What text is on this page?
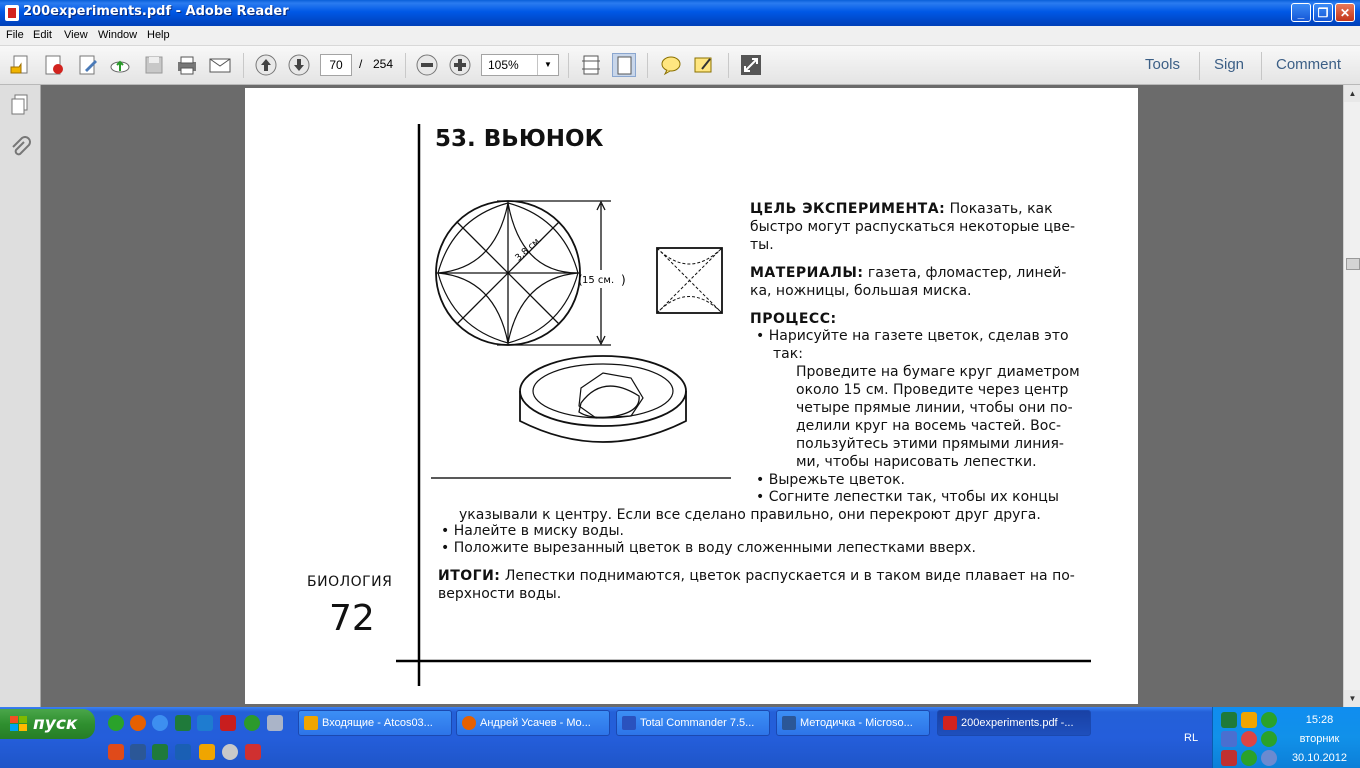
200experiments.pdf - Adobe Reader	_	❐ ✕
File Edit View Window Help
70	/ 254	105%	▼	Tools Sign Comment
▲
▼
53. ВЬЮНОК
3,8 см.
15 см.
(	)
ЦЕЛЬ ЭКСПЕРИМЕНТА: Показать, как
быстро могут распускаться некоторые цве-
ты.
МАТЕРИАЛЫ: газета, фломастер, линей-
ка, ножницы, большая миска.
ПРОЦЕСС:
• Нарисуйте на газете цветок, сделав это
так:
Проведите на бумаге круг диаметром
около 15 см. Проведите через центр
четыре прямые линии, чтобы они по-
делили круг на восемь частей. Вос-
пользуйтесь этими прямыми линия-
ми, чтобы нарисовать лепестки.
• Вырежьте цветок.
• Согните лепестки так, чтобы их концы
указывали к центру. Если все сделано правильно, они перекроют друг друга.
• Налейте в миску воды.
• Положите вырезанный цветок в воду сложенными лепестками вверх.
ИТОГИ: Лепестки поднимаются, цветок распускается и в таком виде плавает на по-
верхности воды.
БИОЛОГИЯ
72
пуск	Входящие - Atcos03...	Андрей Усачев - Mo...	Total Commander 7.5...	Методичка - Microso...	200experiments.pdf -...
RL
15:28
вторник
30.10.2012
